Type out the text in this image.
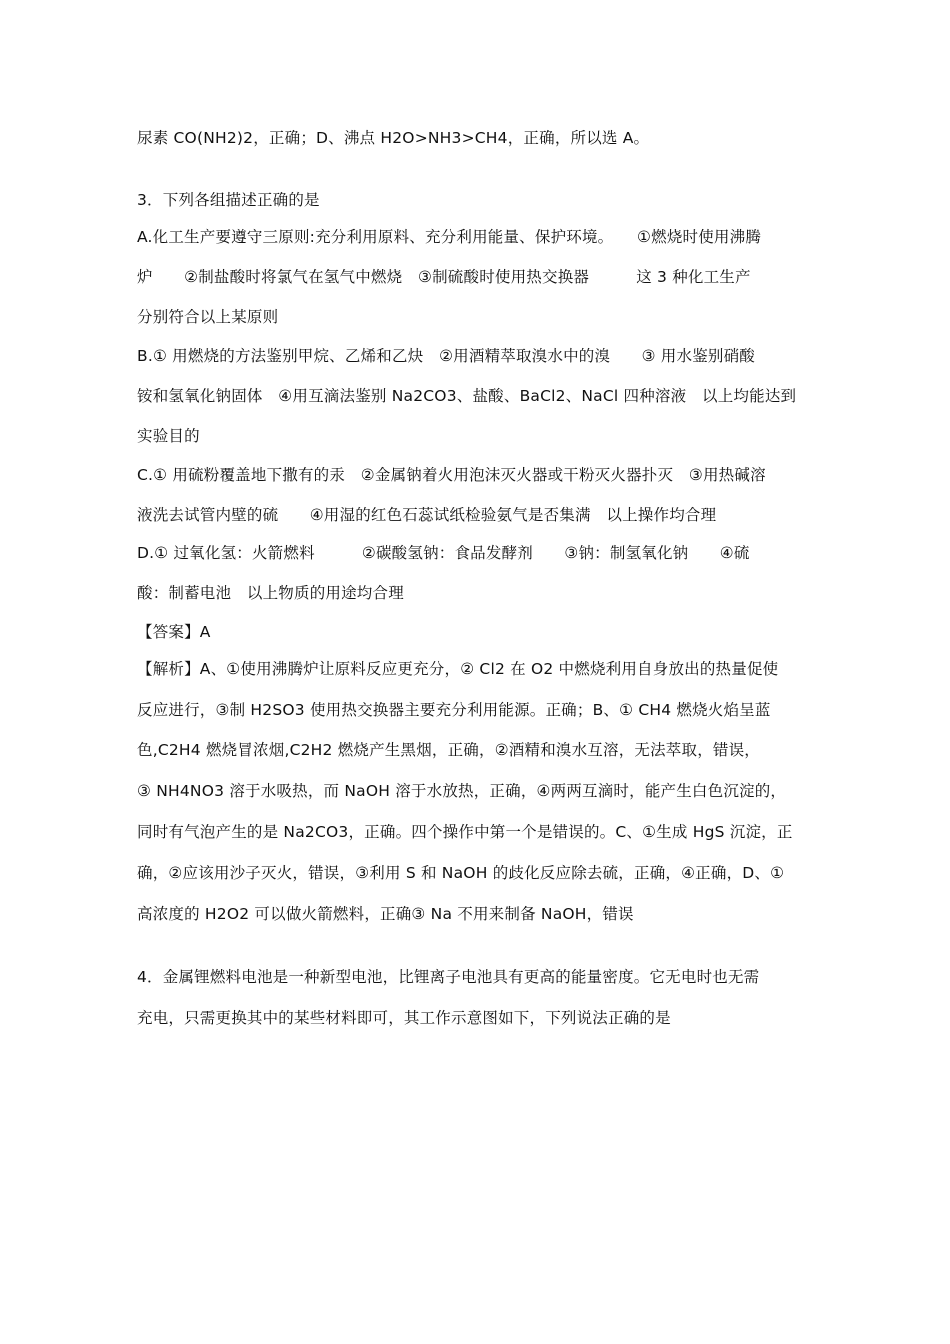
尿素 CO(NH2)2，正确；D、沸点 H2O>NH3>CH4，正确，所以选 A。
3．下列各组描述正确的是
A.化工生产要遵守三原则:充分利用原料、充分利用能量、保护环境。　　①燃烧时使用沸腾
炉　　②制盐酸时将氯气在氢气中燃烧　③制硫酸时使用热交换器　　　这 3 种化工生产
分别符合以上某原则
B.① 用燃烧的方法鉴别甲烷、乙烯和乙炔　②用酒精萃取溴水中的溴　　③ 用水鉴别硝酸
铵和氢氧化钠固体　④用互滴法鉴别 Na2CO3、盐酸、BaCl2、NaCl 四种溶液　以上均能达到
实验目的
C.① 用硫粉覆盖地下撒有的汞　②金属钠着火用泡沫灭火器或干粉灭火器扑灭　③用热碱溶
液洗去试管内壁的硫　　④用湿的红色石蕊试纸检验氨气是否集满　以上操作均合理
D.① 过氧化氢：火箭燃料　　　②碳酸氢钠：食品发酵剂　　③钠：制氢氧化钠　　④硫
酸：制蓄电池　以上物质的用途均合理
【答案】A
【解析】A、①使用沸腾炉让原料反应更充分，② Cl2 在 O2 中燃烧利用自身放出的热量促使
反应进行，③制 H2SO3 使用热交换器主要充分利用能源。正确；B、① CH4 燃烧火焰呈蓝
色,C2H4 燃烧冒浓烟,C2H2 燃烧产生黑烟，正确，②酒精和溴水互溶，无法萃取，错误，
③ NH4NO3 溶于水吸热，而 NaOH 溶于水放热，正确，④两两互滴时，能产生白色沉淀的，
同时有气泡产生的是 Na2CO3，正确。四个操作中第一个是错误的。C、①生成 HgS 沉淀，正
确，②应该用沙子灭火，错误，③利用 S 和 NaOH 的歧化反应除去硫，正确，④正确，D、①
高浓度的 H2O2 可以做火箭燃料，正确③ Na 不用来制备 NaOH，错误
4．金属锂燃料电池是一种新型电池，比锂离子电池具有更高的能量密度。它无电时也无需
充电，只需更换其中的某些材料即可，其工作示意图如下，下列说法正确的是
